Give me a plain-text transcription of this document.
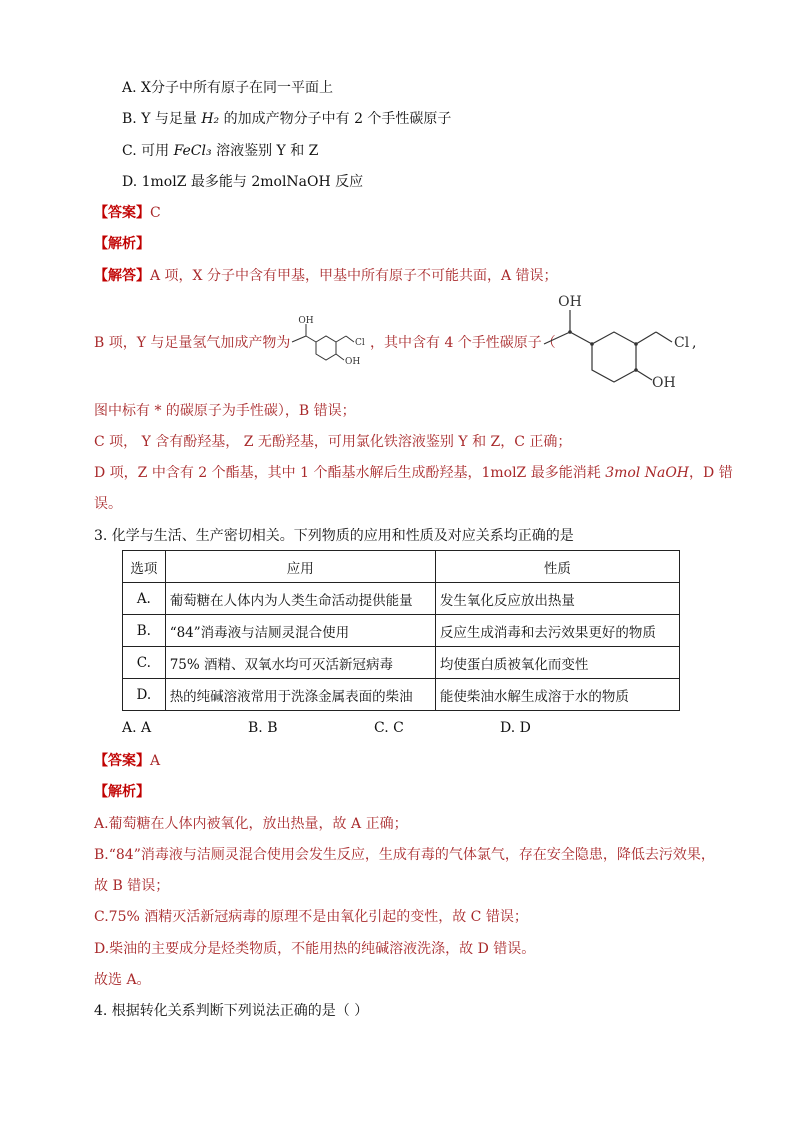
A. X分子中所有原子在同一平面上
B. Y 与足量 H₂ 的加成产物分子中有 2 个手性碳原子
C. 可用 FeCl₃ 溶液鉴别 Y 和 Z
D. 1molZ 最多能与 2molNaOH 反应
【答案】C
【解析】
【解答】A 项，X 分子中含有甲基，甲基中所有原子不可能共面，A 错误；
B 项，Y 与足量氢气加成产物为
OH
Cl
OH
，其中含有 4 个手性碳原子（
OH
Cl
OH
,
图中标有 * 的碳原子为手性碳），B 错误；
C 项， Y 含有酚羟基， Z 无酚羟基，可用氯化铁溶液鉴别 Y 和 Z，C 正确；
D 项，Z 中含有 2 个酯基，其中 1 个酯基水解后生成酚羟基，1molZ 最多能消耗 3mol NaOH，D 错
误。
3. 化学与生活、生产密切相关。下列物质的应用和性质及对应关系均正确的是
选项	应用	性质
A.	葡萄糖在人体内为人类生命活动提供能量	发生氧化反应放出热量
B.	“84”消毒液与洁厕灵混合使用	反应生成消毒和去污效果更好的物质
C.	75% 酒精、双氧水均可灭活新冠病毒	均使蛋白质被氧化而变性
D.	热的纯碱溶液常用于洗涤金属表面的柴油	能使柴油水解生成溶于水的物质
A. A	B. B	C. C	D. D
【答案】A
【解析】
A.葡萄糖在人体内被氧化，放出热量，故 A 正确；
B.“84”消毒液与洁厕灵混合使用会发生反应，生成有毒的气体氯气，存在安全隐患，降低去污效果，
故 B 错误；
C.75% 酒精灭活新冠病毒的原理不是由氧化引起的变性，故 C 错误；
D.柴油的主要成分是烃类物质，不能用热的纯碱溶液洗涤，故 D 错误。
故选 A。
4. 根据转化关系判断下列说法正确的是（ ）
